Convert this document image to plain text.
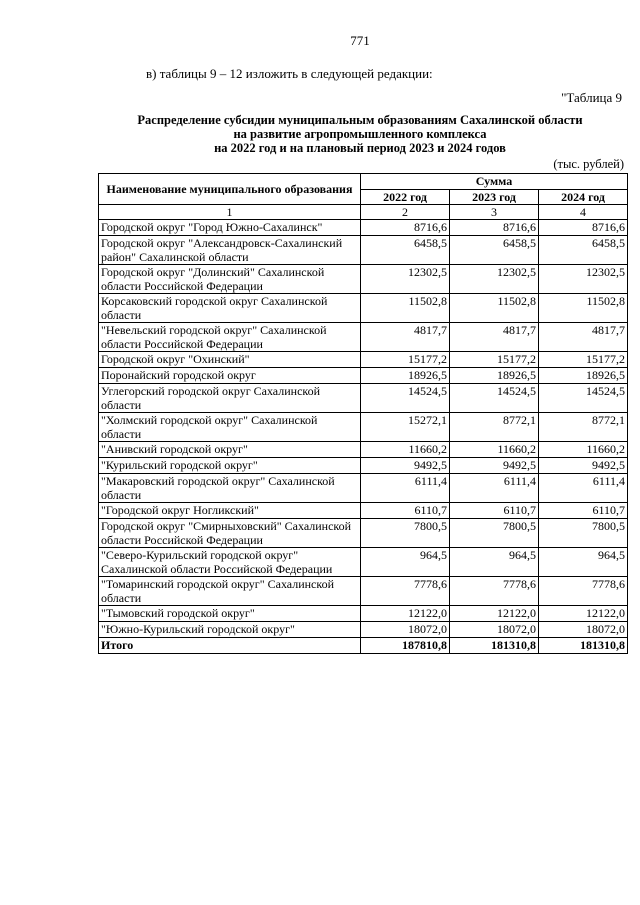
771
в) таблицы 9 – 12 изложить в следующей редакции:
"Таблица 9
Распределение субсидии муниципальным образованиям Сахалинской области
на развитие агропромышленного комплекса
на 2022 год и на плановый период 2023 и 2024 годов
(тыс. рублей)
Наименование муниципального образования	Сумма		
	2022 год	2023 год	2024 год
1	2	3	4
Городской округ "Город Южно-Сахалинск"	8716,6	8716,6	8716,6
Городской округ "Александровск-Сахалинский район" Сахалинской области	6458,5	6458,5	6458,5
Городской округ "Долинский" Сахалинской области Российской Федерации	12302,5	12302,5	12302,5
Корсаковский городской округ Сахалинской области	11502,8	11502,8	11502,8
"Невельский городской округ" Сахалинской области Российской Федерации	4817,7	4817,7	4817,7
Городской округ "Охинский"	15177,2	15177,2	15177,2
Поронайский городской округ	18926,5	18926,5	18926,5
Углегорский городской округ Сахалинской области	14524,5	14524,5	14524,5
"Холмский городской округ" Сахалинской области	15272,1	8772,1	8772,1
"Анивский городской округ"	11660,2	11660,2	11660,2
"Курильский городской округ"	9492,5	9492,5	9492,5
"Макаровский городской округ" Сахалинской области	6111,4	6111,4	6111,4
"Городской округ Ногликский"	6110,7	6110,7	6110,7
Городской округ "Смирныховский" Сахалинской области Российской Федерации	7800,5	7800,5	7800,5
"Северо-Курильский городской округ" Сахалинской области Российской Федерации	964,5	964,5	964,5
"Томаринский городской округ" Сахалинской области	7778,6	7778,6	7778,6
"Тымовский городской округ"	12122,0	12122,0	12122,0
"Южно-Курильский городской округ"	18072,0	18072,0	18072,0
Итого	187810,8	181310,8	181310,8
